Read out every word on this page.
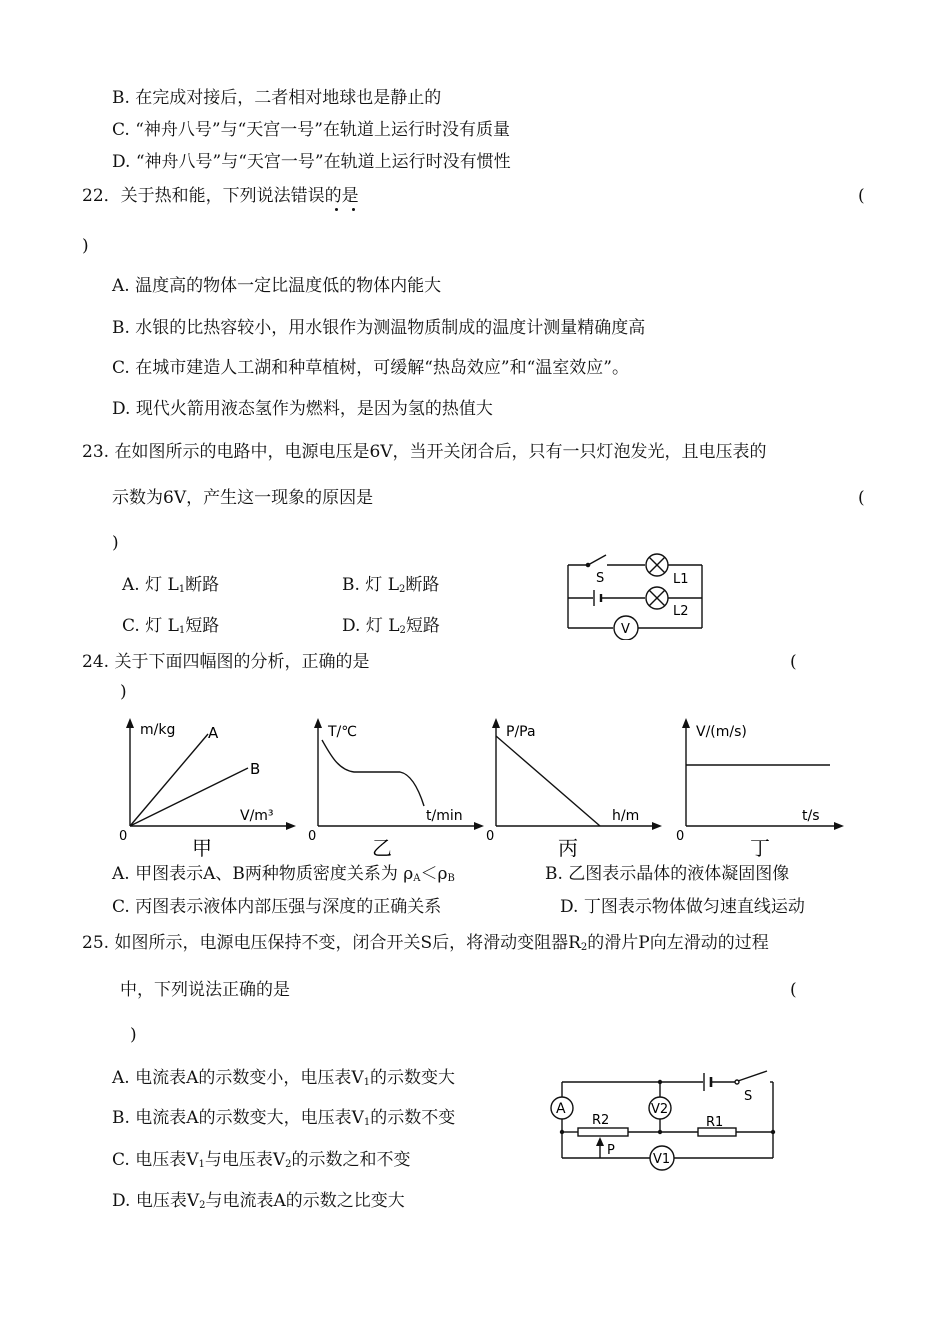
B. 在完成对接后，二者相对地球也是静止的
C. “神舟八号”与“天宫一号”在轨道上运行时没有质量
D. “神舟八号”与“天宫一号”在轨道上运行时没有惯性
22．关于热和能，下列说法错误的是	(
)
A. 温度高的物体一定比温度低的物体内能大
B. 水银的比热容较小，用水银作为测温物质制成的温度计测量精确度高
C. 在城市建造人工湖和种草植树，可缓解“热岛效应”和“温室效应”。
D. 现代火箭用液态氢作为燃料，是因为氢的热值大
23. 在如图所示的电路中，电源电压是6V，当开关闭合后，只有一只灯泡发光，且电压表的
示数为6V，产生这一现象的原因是	(
)
A. 灯 $L_1$断路	B. 灯 $L_2$断路
C. 灯 $L_1$短路	D. 灯 $L_2$短路
S	L1
L2
V
24. 关于下面四幅图的分析，正确的是	(
)
m/kg A
B
V/m³
0	甲
T/℃
t/min
0	乙
P/Pa
h/m
0	丙
V/(m/s)
t/s
0	丁
A. 甲图表示A、B两种物质密度关系为 $\rho_A<\rho_B$	B. 乙图表示晶体的液体凝固图像
C. 丙图表示液体内部压强与深度的正确关系	D. 丁图表示物体做匀速直线运动
25. 如图所示，电源电压保持不变，闭合开关S后，将滑动变阻器$R_2$的滑片P向左滑动的过程
中，下列说法正确的是	(
)
A. 电流表A的示数变小，电压表$V_1$的示数变大
B. 电流表A的示数变大，电压表$V_1$的示数不变
C. 电压表$V_1$与电压表$V_2$的示数之和不变
D. 电压表$V_2$与电流表A的示数之比变大
A	V2
V1
R2	R1
P
S
